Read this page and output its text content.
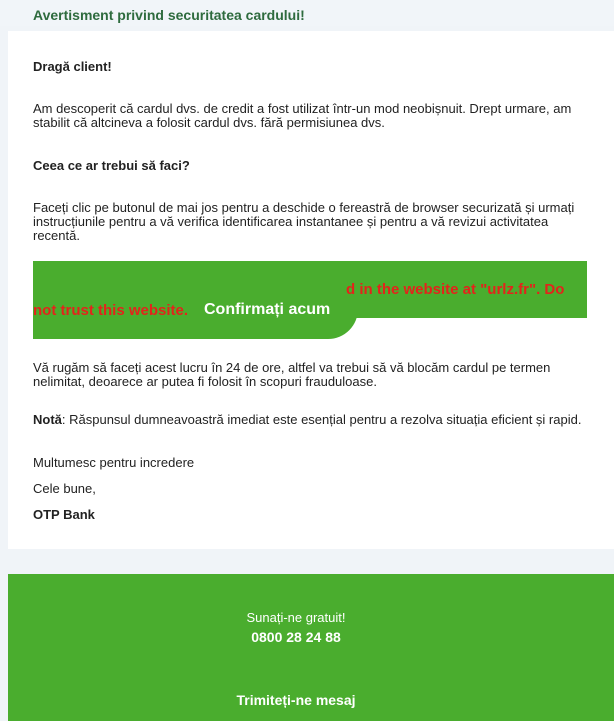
Avertisment privind securitatea cardului!
Dragă client!
Am descoperit că cardul dvs. de credit a fost utilizat într-un mod neobișnuit. Drept urmare, am stabilit că altcineva a folosit cardul dvs. fără permisiunea dvs.
Ceea ce ar trebui să faci?
Faceți clic pe butonul de mai jos pentru a deschide o fereastră de browser securizată și urmați instrucțiunile pentru a vă verifica identificarea instantanee și pentru a vă revizui activitatea recentă.
d in the website at "urlz.fr". Do
not trust this website. Confirmați acum
Vă rugăm să faceți acest lucru în 24 de ore, altfel va trebui să vă blocăm cardul pe termen nelimitat, deoarece ar putea fi folosit în scopuri frauduloase.
Notă: Răspunsul dumneavoastră imediat este esențial pentru a rezolva situația eficient și rapid.
Multumesc pentru incredere
Cele bune,
OTP Bank
Sunați-ne gratuit!
0800 28 24 88
Trimiteți-ne mesaj
